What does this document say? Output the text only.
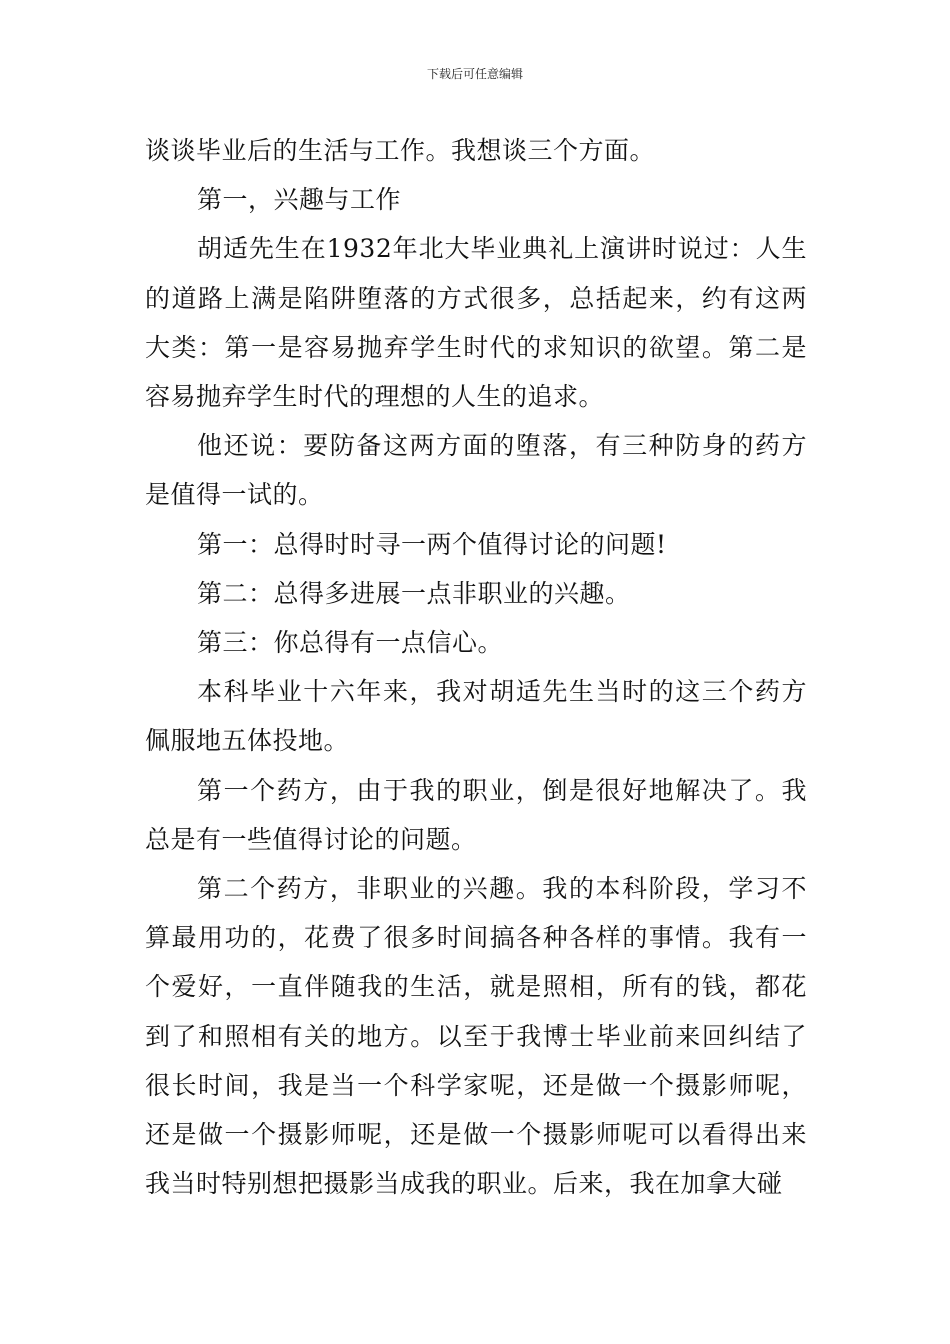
下载后可任意编辑

谈谈毕业后的生活与工作。我想谈三个方面。

第一，兴趣与工作

胡适先生在1932年北大毕业典礼上演讲时说过：人生的道路上满是陷阱堕落的方式很多，总括起来，约有这两大类：第一是容易抛弃学生时代的求知识的欲望。第二是容易抛弃学生时代的理想的人生的追求。

他还说：要防备这两方面的堕落，有三种防身的药方是值得一试的。

第一：总得时时寻一两个值得讨论的问题!

第二：总得多进展一点非职业的兴趣。

第三：你总得有一点信心。

本科毕业十六年来，我对胡适先生当时的这三个药方佩服地五体投地。

第一个药方，由于我的职业，倒是很好地解决了。我总是有一些值得讨论的问题。

第二个药方，非职业的兴趣。我的本科阶段，学习不算最用功的，花费了很多时间搞各种各样的事情。我有一个爱好，一直伴随我的生活，就是照相，所有的钱，都花到了和照相有关的地方。以至于我博士毕业前来回纠结了很长时间，我是当一个科学家呢，还是做一个摄影师呢，还是做一个摄影师呢，还是做一个摄影师呢可以看得出来我当时特别想把摄影当成我的职业。后来，我在加拿大碰
